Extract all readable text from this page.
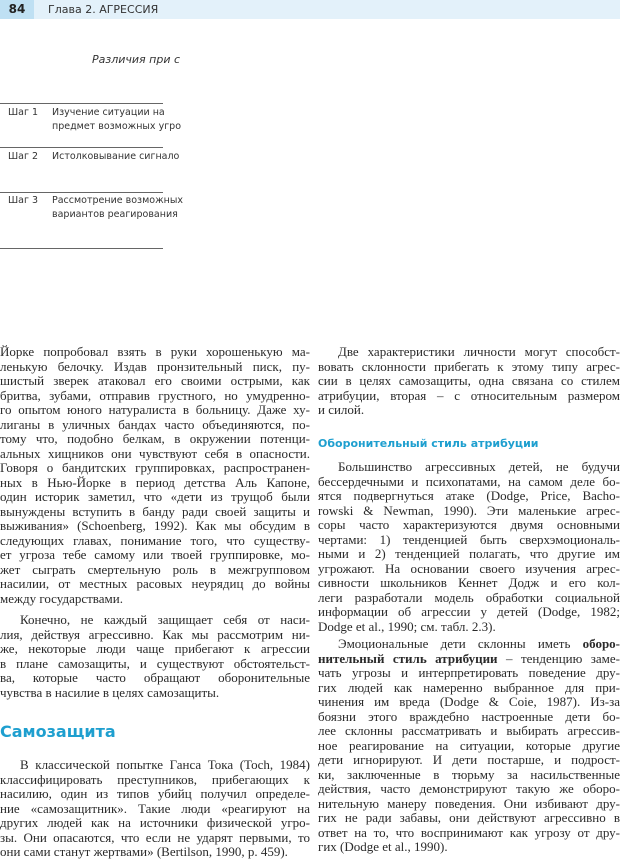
84	Глава 2. АГРЕССИЯ
Различия при с
Шаг 1 Изучение ситуации на
предмет возможных угро
Шаг 2 Истолковывание сигнало
Шаг 3 Рассмотрение возможных
вариантов реагирования
Йорке попробовал взять в руки хорошенькую ма-
ленькую белочку. Издав пронзительный писк, пу-
шистый зверек атаковал его своими острыми, как
бритва, зубами, отправив грустного, но умудренно-
го опытом юного натуралиста в больницу. Даже ху-
лиганы в уличных бандах часто объединяются, по-
тому что, подобно белкам, в окружении потенци-
альных хищников они чувствуют себя в опасности.
Говоря о бандитских группировках, распространен-
ных в Нью-Йорке в период детства Аль Капоне,
один историк заметил, что «дети из трущоб были
вынуждены вступить в банду ради своей защиты и
выживания» (Schoenberg, 1992). Как мы обсудим в
следующих главах, понимание того, что существу-
ет угроза тебе самому или твоей группировке, мо-
жет сыграть смертельную роль в межгрупповом
насилии, от местных расовых неурядиц до войны
между государствами.
Конечно, не каждый защищает себя от наси-
лия, действуя агрессивно. Как мы рассмотрим ни-
же, некоторые люди чаще прибегают к агрессии
в плане самозащиты, и существуют обстоятельст-
ва, которые часто обращают оборонительные
чувства в насилие в целях самозащиты.
Самозащита
В классической попытке Ганса Тока (Toch, 1984)
классифицировать преступников, прибегающих к
насилию, один из типов убийц получил определе-
ние «самозащитник». Такие люди «реагируют на
других людей как на источники физической угро-
зы. Они опасаются, что если не ударят первыми, то
они сами станут жертвами» (Bertilson, 1990, p. 459).
Две характеристики личности могут способст-
вовать склонности прибегать к этому типу агрес-
сии в целях самозащиты, одна связана со стилем
атрибуции, вторая – с относительным размером
и силой.
Оборонительный стиль атрибуции
Большинство агрессивных детей, не будучи
бессердечными и психопатами, на самом деле бо-
ятся подвергнуться атаке (Dodge, Price, Bacho-
rowski & Newman, 1990). Эти маленькие агрес-
соры часто характеризуются двумя основными
чертами: 1) тенденцией быть сверхэмоциональ-
ными и 2) тенденцией полагать, что другие им
угрожают. На основании своего изучения агрес-
сивности школьников Кеннет Додж и его кол-
леги разработали модель обработки социальной
информации об агрессии у детей (Dodge, 1982;
Dodge et al., 1990; см. табл. 2.3).
Эмоциональные дети склонны иметь оборо-
нительный стиль атрибуции – тенденцию заме-
чать угрозы и интерпретировать поведение дру-
гих людей как намеренно выбранное для при-
чинения им вреда (Dodge & Coie, 1987). Из-за
боязни этого враждебно настроенные дети бо-
лее склонны рассматривать и выбирать агрессив-
ное реагирование на ситуации, которые другие
дети игнорируют. И дети постарше, и подрост-
ки, заключенные в тюрьму за насильственные
действия, часто демонстрируют такую же оборо-
нительную манеру поведения. Они избивают дру-
гих не ради забавы, они действуют агрессивно в
ответ на то, что воспринимают как угрозу от дру-
гих (Dodge et al., 1990).
